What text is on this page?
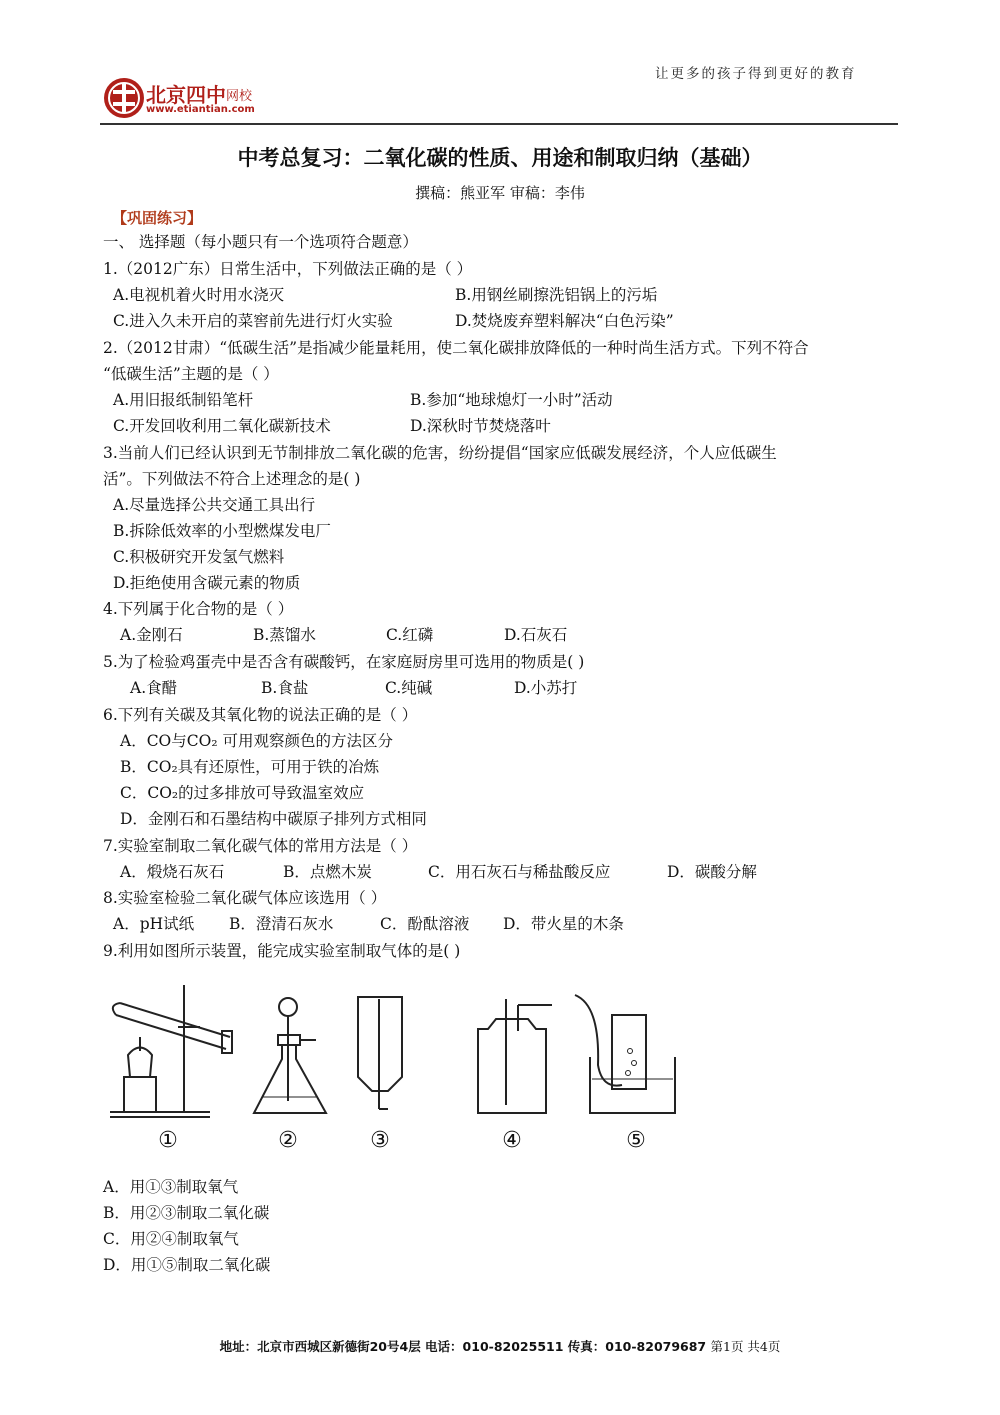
让更多的孩子得到更好的教育
北京四中 网校
www.etiantian.com
中考总复习：二氧化碳的性质、用途和制取归纳（基础）
撰稿：熊亚军 审稿：李伟
【巩固练习】
一、 选择题（每小题只有一个选项符合题意）
1.（2012广东）日常生活中，下列做法正确的是（ ）
A.电视机着火时用水浇灭	B.用钢丝刷擦洗铝锅上的污垢
C.进入久未开启的菜窖前先进行灯火实验	D.焚烧废弃塑料解决“白色污染”
2.（2012甘肃）“低碳生活”是指减少能量耗用，使二氧化碳排放降低的一种时尚生活方式。下列不符合
“低碳生活”主题的是（ ）
A.用旧报纸制铅笔杆	B.参加“地球熄灯一小时”活动
C.开发回收利用二氧化碳新技术	D.深秋时节焚烧落叶
3.当前人们已经认识到无节制排放二氧化碳的危害，纷纷提倡“国家应低碳发展经济，个人应低碳生
活”。下列做法不符合上述理念的是( )
A.尽量选择公共交通工具出行
B.拆除低效率的小型燃煤发电厂
C.积极研究开发氢气燃料
D.拒绝使用含碳元素的物质
4.下列属于化合物的是（ ）
A.金刚石	B.蒸馏水	C.红磷	D.石灰石
5.为了检验鸡蛋壳中是否含有碳酸钙，在家庭厨房里可选用的物质是( )
A.食醋	B.食盐	C.纯碱	D.小苏打
6.下列有关碳及其氧化物的说法正确的是（ ）
A．CO与CO₂ 可用观察颜色的方法区分
B．CO₂具有还原性，可用于铁的冶炼
C．CO₂的过多排放可导致温室效应
D．金刚石和石墨结构中碳原子排列方式相同
7.实验室制取二氧化碳气体的常用方法是（ ）
A．煅烧石灰石	B．点燃木炭	C．用石灰石与稀盐酸反应	D．碳酸分解
8.实验室检验二氧化碳气体应该选用（ ）
A．pH试纸 B．澄清石灰水	C．酚酞溶液 D．带火星的木条
9.利用如图所示装置，能完成实验室制取气体的是( )
A．用①③制取氧气
B．用②③制取二氧化碳
C．用②④制取氧气
D．用①⑤制取二氧化碳
①	②	③	④	⑤
地址：北京市西城区新德街20号4层 电话：010-82025511 传真：010-82079687 第1页 共4页
